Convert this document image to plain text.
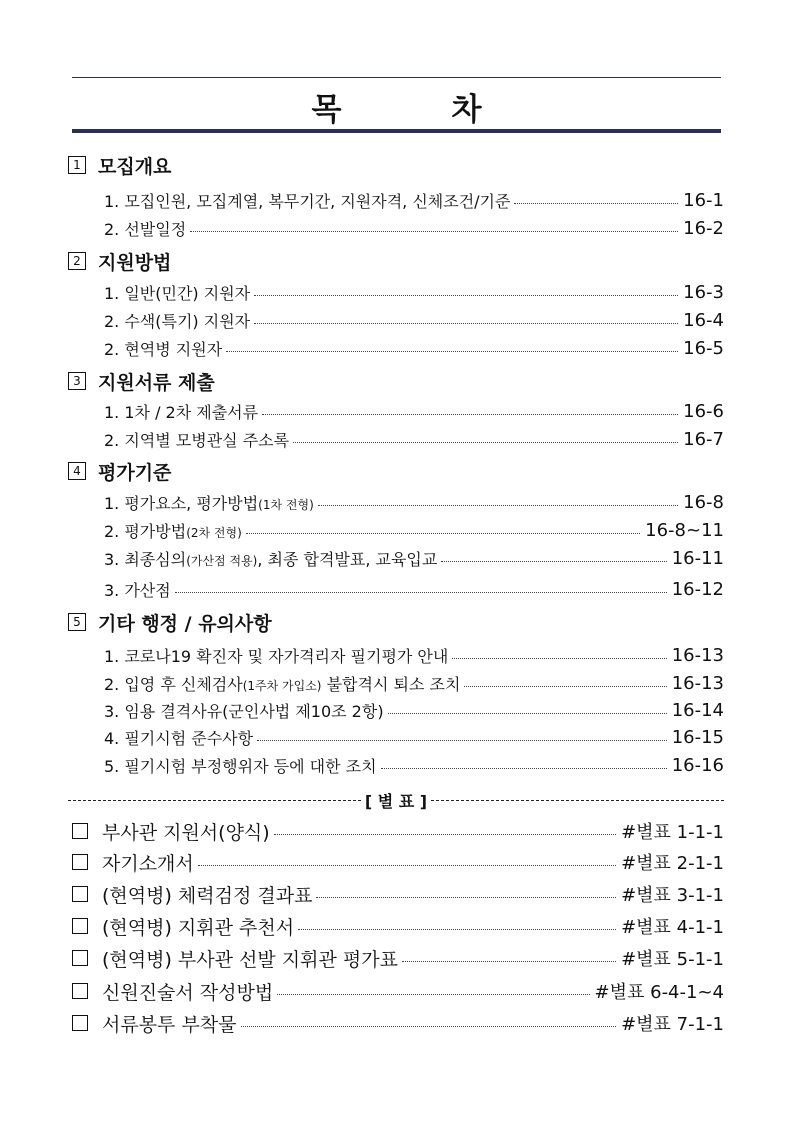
목	차
1 모집개요
1. 모집인원, 모집계열, 복무기간, 지원자격, 신체조건/기준	16-1
2. 선발일정	16-2
2 지원방법
1. 일반(민간) 지원자	16-3
2. 수색(특기) 지원자	16-4
2. 현역병 지원자	16-5
3 지원서류 제출
1. 1차 / 2차 제출서류	16-6
2. 지역별 모병관실 주소록	16-7
4 평가기준
1. 평가요소, 평가방법(1차 전형)	16-8
2. 평가방법(2차 전형)	16-8~11
3. 최종심의(가산점 적용), 최종 합격발표, 교육입교	16-11
3. 가산점	16-12
5 기타 행정 / 유의사항
1. 코로나19 확진자 및 자가격리자 필기평가 안내	16-13
2. 입영 후 신체검사(1주차 가입소) 불합격시 퇴소 조치	16-13
3. 임용 결격사유(군인사법 제10조 2항)	16-14
4. 필기시험 준수사항	16-15
5. 필기시험 부정행위자 등에 대한 조치	16-16
[ 별 표 ]
부사관 지원서(양식)	#별표 1-1-1
자기소개서	#별표 2-1-1
(현역병) 체력검정 결과표	#별표 3-1-1
(현역병) 지휘관 추천서	#별표 4-1-1
(현역병) 부사관 선발 지휘관 평가표	#별표 5-1-1
신원진술서 작성방법	#별표 6-4-1~4
서류봉투 부착물	#별표 7-1-1
